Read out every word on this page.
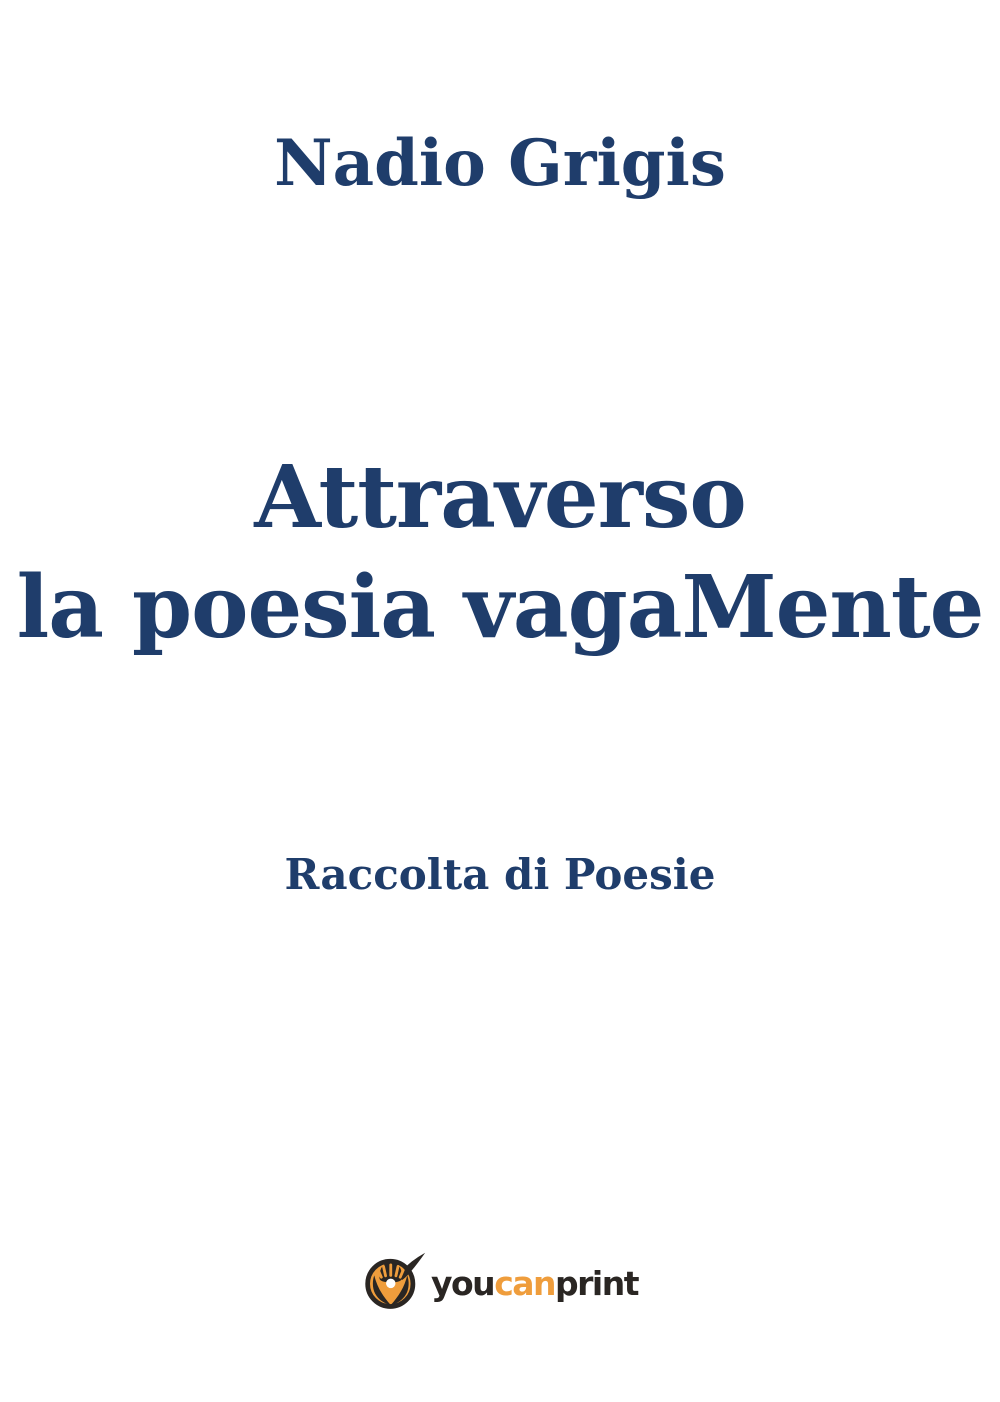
Nadio Grigis
Attraverso
la poesia vagaMente
Raccolta di Poesie
you can print
